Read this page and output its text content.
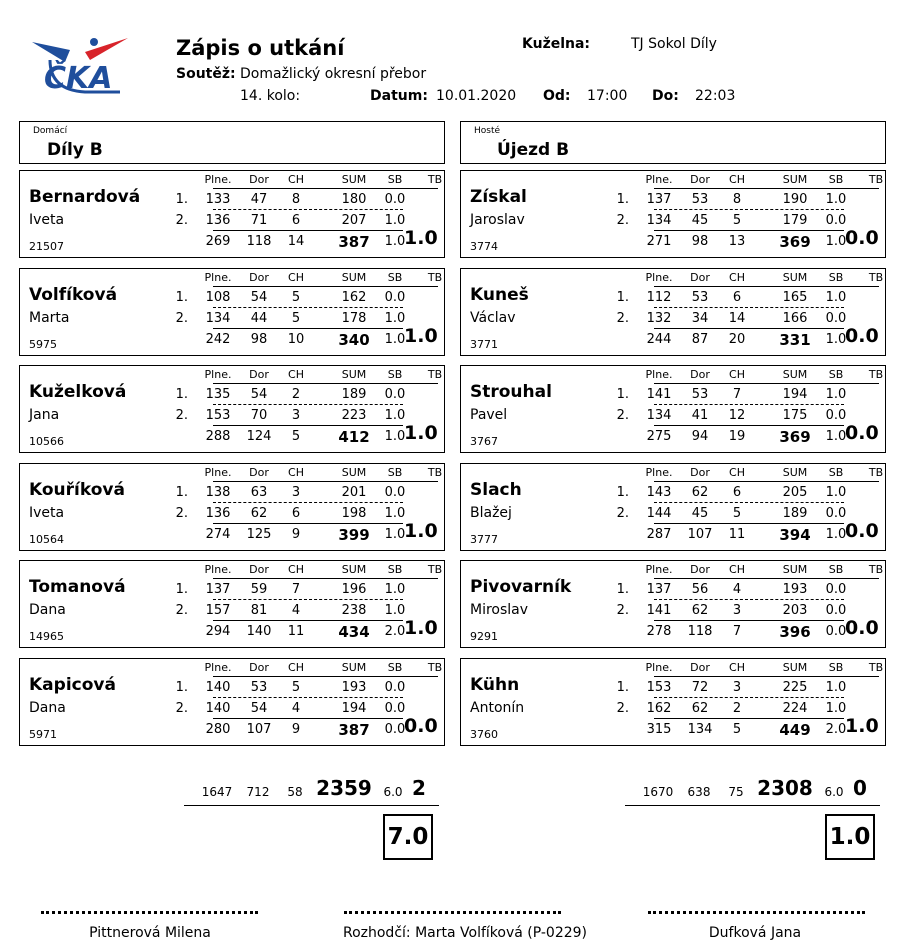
ČKA
Zápis o utkání	Kuželna:	TJ Sokol Díly
Soutěž: Domažlický okresní přebor
14. kolo:	Datum: 10.01.2020 Od: 17:00 Do: 22:03
Domácí
Díly B
Hosté
Újezd B
Plne.	Dor	CH	SUM	SB	TB
Bernardová
Iveta
21507
1.	133	47	8	180	0.0
2.	136	71	6	207	1.0
269	118	14	387	1.0
1.0
Plne.	Dor	CH	SUM	SB	TB
Volfíková
Marta
5975
1.	108	54	5	162	0.0
2.	134	44	5	178	1.0
242	98	10	340	1.0
1.0
Plne.	Dor	CH	SUM	SB	TB
Kuželková
Jana
10566
1.	135	54	2	189	0.0
2.	153	70	3	223	1.0
288	124	5	412	1.0
1.0
Plne.	Dor	CH	SUM	SB	TB
Kouříková
Iveta
10564
1.	138	63	3	201	0.0
2.	136	62	6	198	1.0
274	125	9	399	1.0
1.0
Plne.	Dor	CH	SUM	SB	TB
Tomanová
Dana
14965
1.	137	59	7	196	1.0
2.	157	81	4	238	1.0
294	140	11	434	2.0
1.0
Plne.	Dor	CH	SUM	SB	TB
Kapicová
Dana
5971
1.	140	53	5	193	0.0
2.	140	54	4	194	0.0
280	107	9	387	0.0
0.0
Plne.	Dor	CH	SUM	SB	TB
Získal
Jaroslav
3774
1.	137	53	8	190	1.0
2.	134	45	5	179	0.0
271	98	13	369	1.0
0.0
Plne.	Dor	CH	SUM	SB	TB
Kuneš
Václav
3771
1.	112	53	6	165	1.0
2.	132	34	14	166	0.0
244	87	20	331	1.0
0.0
Plne.	Dor	CH	SUM	SB	TB
Strouhal
Pavel
3767
1.	141	53	7	194	1.0
2.	134	41	12	175	0.0
275	94	19	369	1.0
0.0
Plne.	Dor	CH	SUM	SB	TB
Slach
Blažej
3777
1.	143	62	6	205	1.0
2.	144	45	5	189	0.0
287	107	11	394	1.0
0.0
Plne.	Dor	CH	SUM	SB	TB
Pivovarník
Miroslav
9291
1.	137	56	4	193	0.0
2.	141	62	3	203	0.0
278	118	7	396	0.0
0.0
Plne.	Dor	CH	SUM	SB	TB
Kühn
Antonín
3760
1.	153	72	3	225	1.0
2.	162	62	2	224	1.0
315	134	5	449	2.0
1.0
1647	712	58 2359 6.0 2
7.0
1670	638	75 2308 6.0 0
1.0
Pittnerová Milena	Rozhodčí: Marta Volfíková (P-0229)	Dufková Jana
